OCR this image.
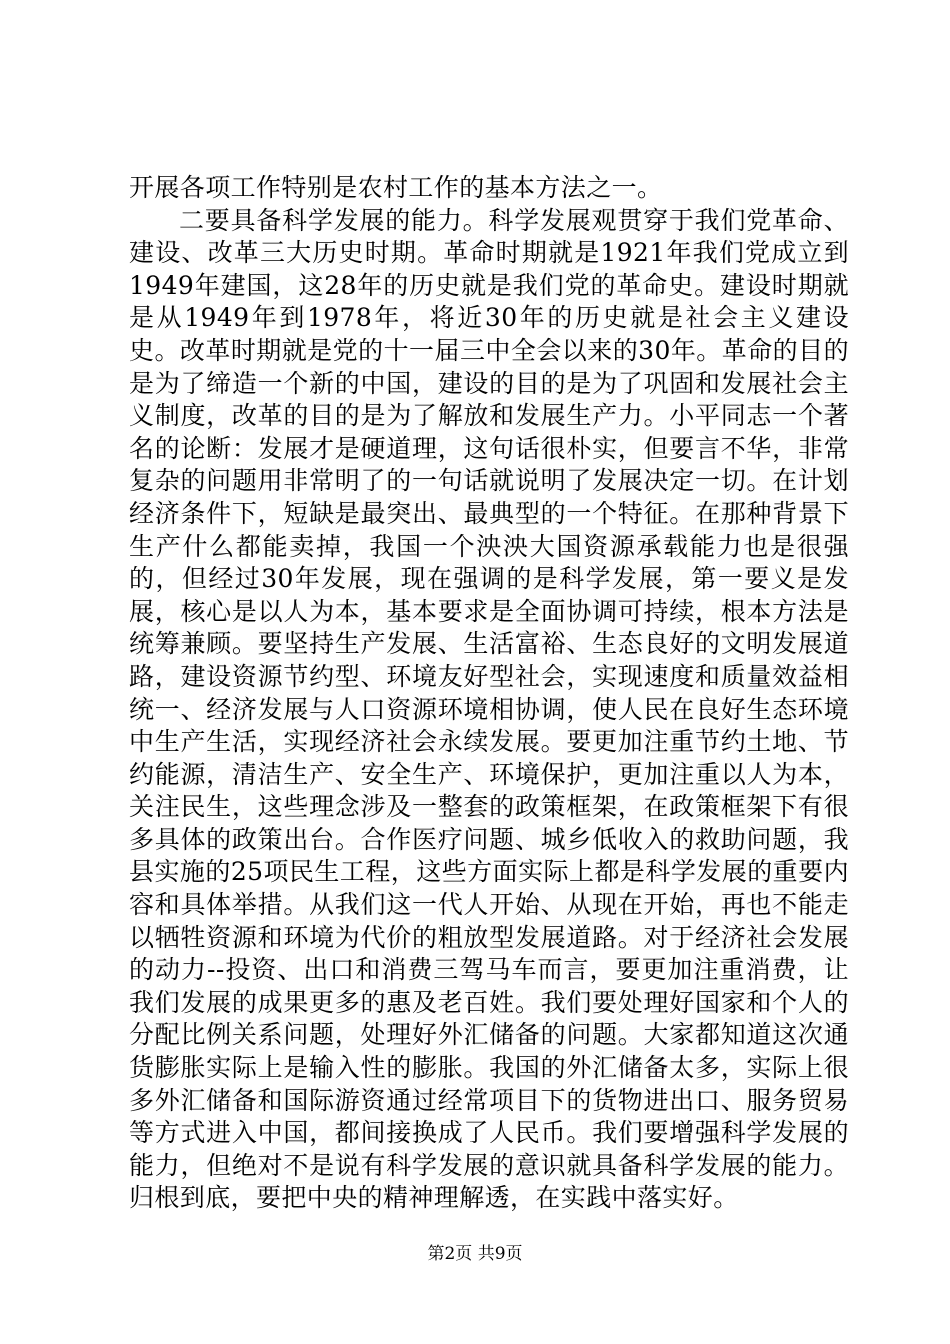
开展各项工作特别是农村工作的基本方法之一。

二要具备科学发展的能力。科学发展观贯穿于我们党革命、建设、改革三大历史时期。革命时期就是1921年我们党成立到1949年建国，这28年的历史就是我们党的革命史。建设时期就是从1949年到1978年，将近30年的历史就是社会主义建设史。改革时期就是党的十一届三中全会以来的30年。革命的目的是为了缔造一个新的中国，建设的目的是为了巩固和发展社会主义制度，改革的目的是为了解放和发展生产力。小平同志一个著名的论断：发展才是硬道理，这句话很朴实，但要言不华，非常复杂的问题用非常明了的一句话就说明了发展决定一切。在计划经济条件下，短缺是最突出、最典型的一个特征。在那种背景下生产什么都能卖掉，我国一个泱泱大国资源承载能力也是很强的，但经过30年发展，现在强调的是科学发展，第一要义是发展，核心是以人为本，基本要求是全面协调可持续，根本方法是统筹兼顾。要坚持生产发展、生活富裕、生态良好的文明发展道路，建设资源节约型、环境友好型社会，实现速度和质量效益相统一、经济发展与人口资源环境相协调，使人民在良好生态环境中生产生活，实现经济社会永续发展。要更加注重节约土地、节约能源，清洁生产、安全生产、环境保护，更加注重以人为本，关注民生，这些理念涉及一整套的政策框架，在政策框架下有很多具体的政策出台。合作医疗问题、城乡低收入的救助问题，我县实施的25项民生工程，这些方面实际上都是科学发展的重要内容和具体举措。从我们这一代人开始、从现在开始，再也不能走以牺牲资源和环境为代价的粗放型发展道路。对于经济社会发展的动力--投资、出口和消费三驾马车而言，要更加注重消费，让我们发展的成果更多的惠及老百姓。我们要处理好国家和个人的分配比例关系问题，处理好外汇储备的问题。大家都知道这次通货膨胀实际上是输入性的膨胀。我国的外汇储备太多，实际上很多外汇储备和国际游资通过经常项目下的货物进出口、服务贸易等方式进入中国，都间接换成了人民币。我们要增强科学发展的能力，但绝对不是说有科学发展的意识就具备科学发展的能力。归根到底，要把中央的精神理解透，在实践中落实好。

第2页 共9页
